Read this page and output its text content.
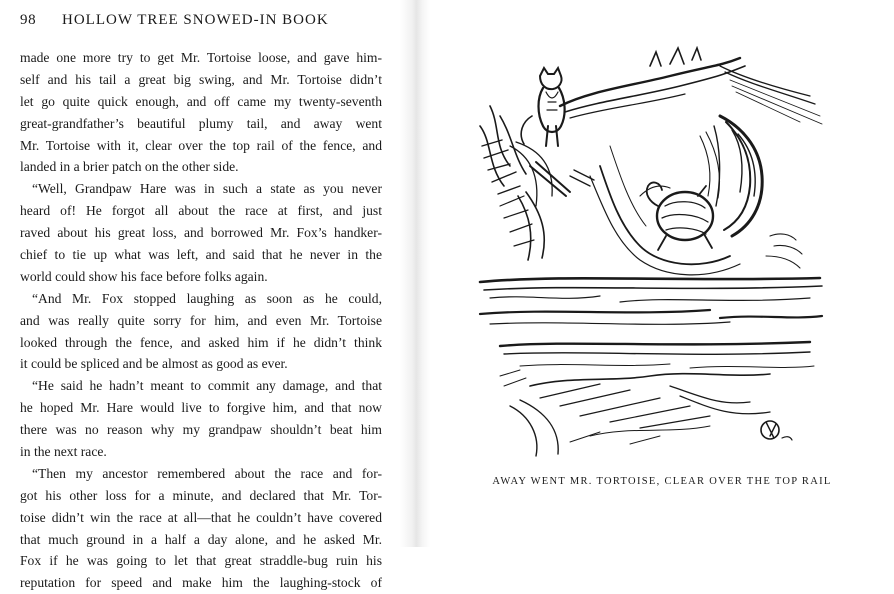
98 HOLLOW TREE SNOWED-IN BOOK
made one more try to get Mr. Tortoise loose, and gave him-
self and his tail a great big swing, and Mr. Tortoise didn’t
let go quite quick enough, and off came my twenty-seventh
great-grandfather’s beautiful plumy tail, and away went
Mr. Tortoise with it, clear over the top rail of the fence, and
landed in a brier patch on the other side.
“Well, Grandpaw Hare was in such a state as you never
heard of! He forgot all about the race at first, and just
raved about his great loss, and borrowed Mr. Fox’s handker-
chief to tie up what was left, and said that he never in the
world could show his face before folks again.
“And Mr. Fox stopped laughing as soon as he could,
and was really quite sorry for him, and even Mr. Tortoise
looked through the fence, and asked him if he didn’t think
it could be spliced and be almost as good as ever.
“He said he hadn’t meant to commit any damage, and that
he hoped Mr. Hare would live to forgive him, and that now
there was no reason why my grandpaw shouldn’t beat him
in the next race.
“Then my ancestor remembered about the race and for-
got his other loss for a minute, and declared that Mr. Tor-
toise didn’t win the race at all—that he couldn’t have covered
that much ground in a half a day alone, and he asked Mr.
Fox if he was going to let that great straddle-bug ruin his
reputation for speed and make him the laughing-stock of
AWAY WENT MR. TORTOISE, CLEAR OVER THE TOP RAIL
